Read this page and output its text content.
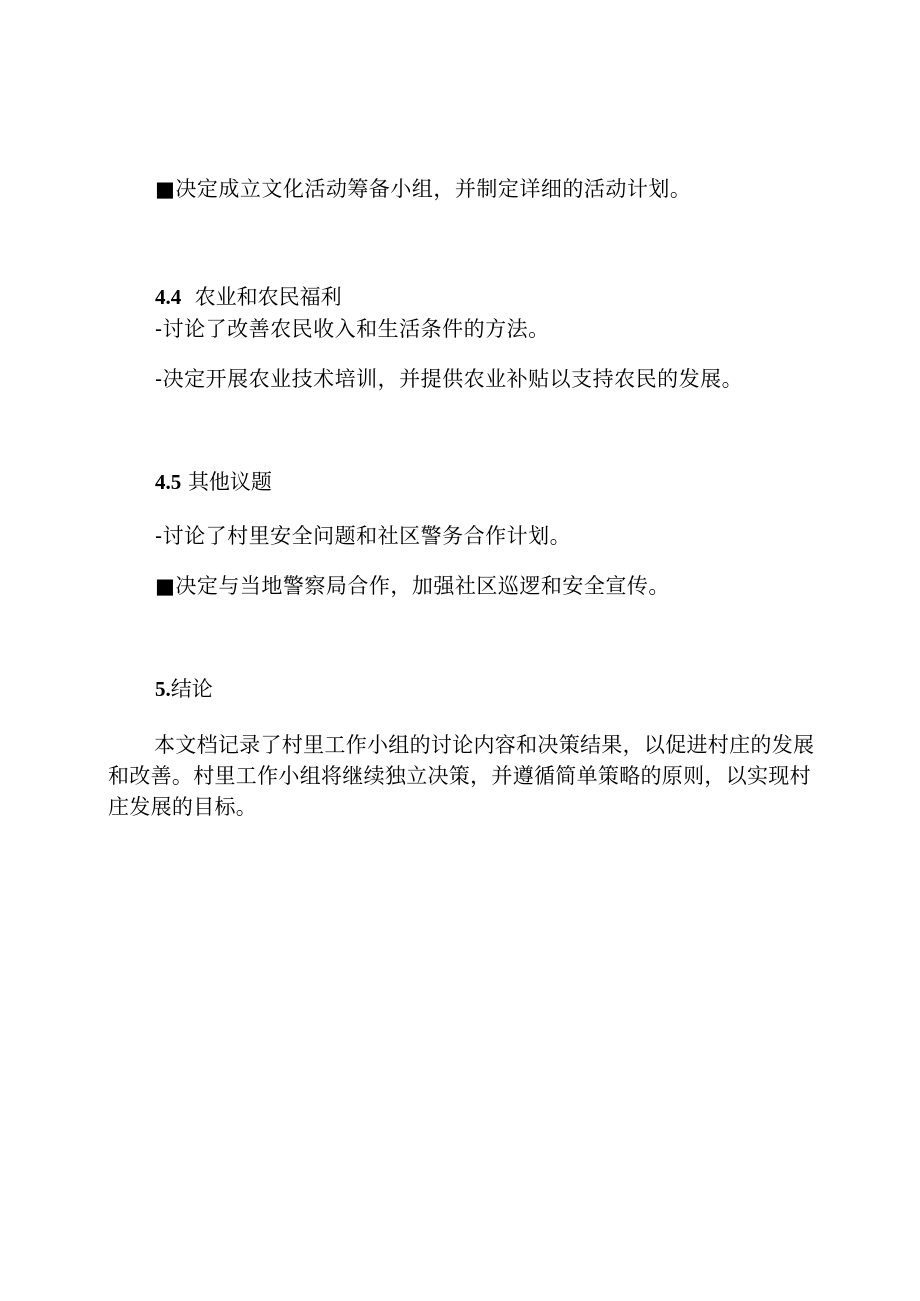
■决定成立文化活动筹备小组，并制定详细的活动计划。
4.4 农业和农民福利
-讨论了改善农民收入和生活条件的方法。
-决定开展农业技术培训，并提供农业补贴以支持农民的发展。
4.5 其他议题
-讨论了村里安全问题和社区警务合作计划。
■决定与当地警察局合作，加强社区巡逻和安全宣传。
5.结论
本文档记录了村里工作小组的讨论内容和决策结果，以促进村庄的发展和改善。村里工作小组将继续独立决策，并遵循简单策略的原则，以实现村庄发展的目标。
